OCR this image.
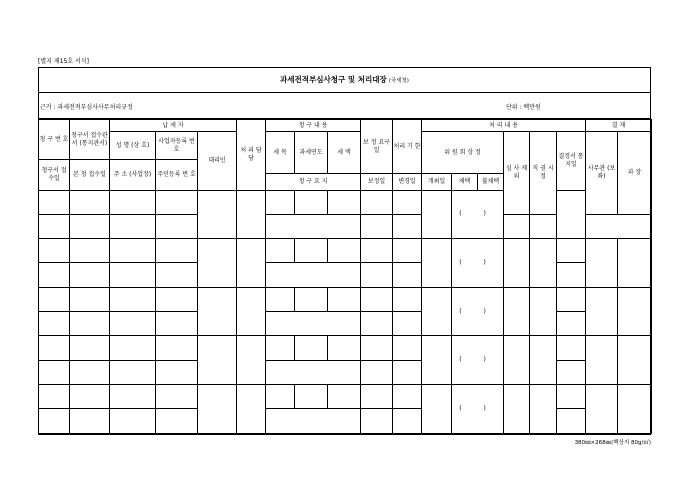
[별지 제15호 서식]
과세전적부심사청구 및 처리대장 (국세청)
근거 : 과세전적부심사사무처리규정	단위 : 백만원
청 구 번 호	청구서 접수관서 (통지관서)	납 세 자			처 리 담 당	청 구 내 용			보 정 요구일	처리 기 한	처 리 내 용						결 재		
		성 명 (상 호)	사업자등록 번 호	대리인		세 목	과세연도	세 액			위 원 회 상 정			심 사 제 외	직 권 시 정	결정서 통지일	사무관 (보좌)	과 장	

청구서 접수일	본 청 접수일	주 소 (사업장)	주민등록 번 호																
						청 구 요 지			보정일	변경일	개최일	채택	불채택	
												( )							

												( )							

												( )							

												( )							

												( )							

380㎜×268㎜(백상지 80g/㎡)
